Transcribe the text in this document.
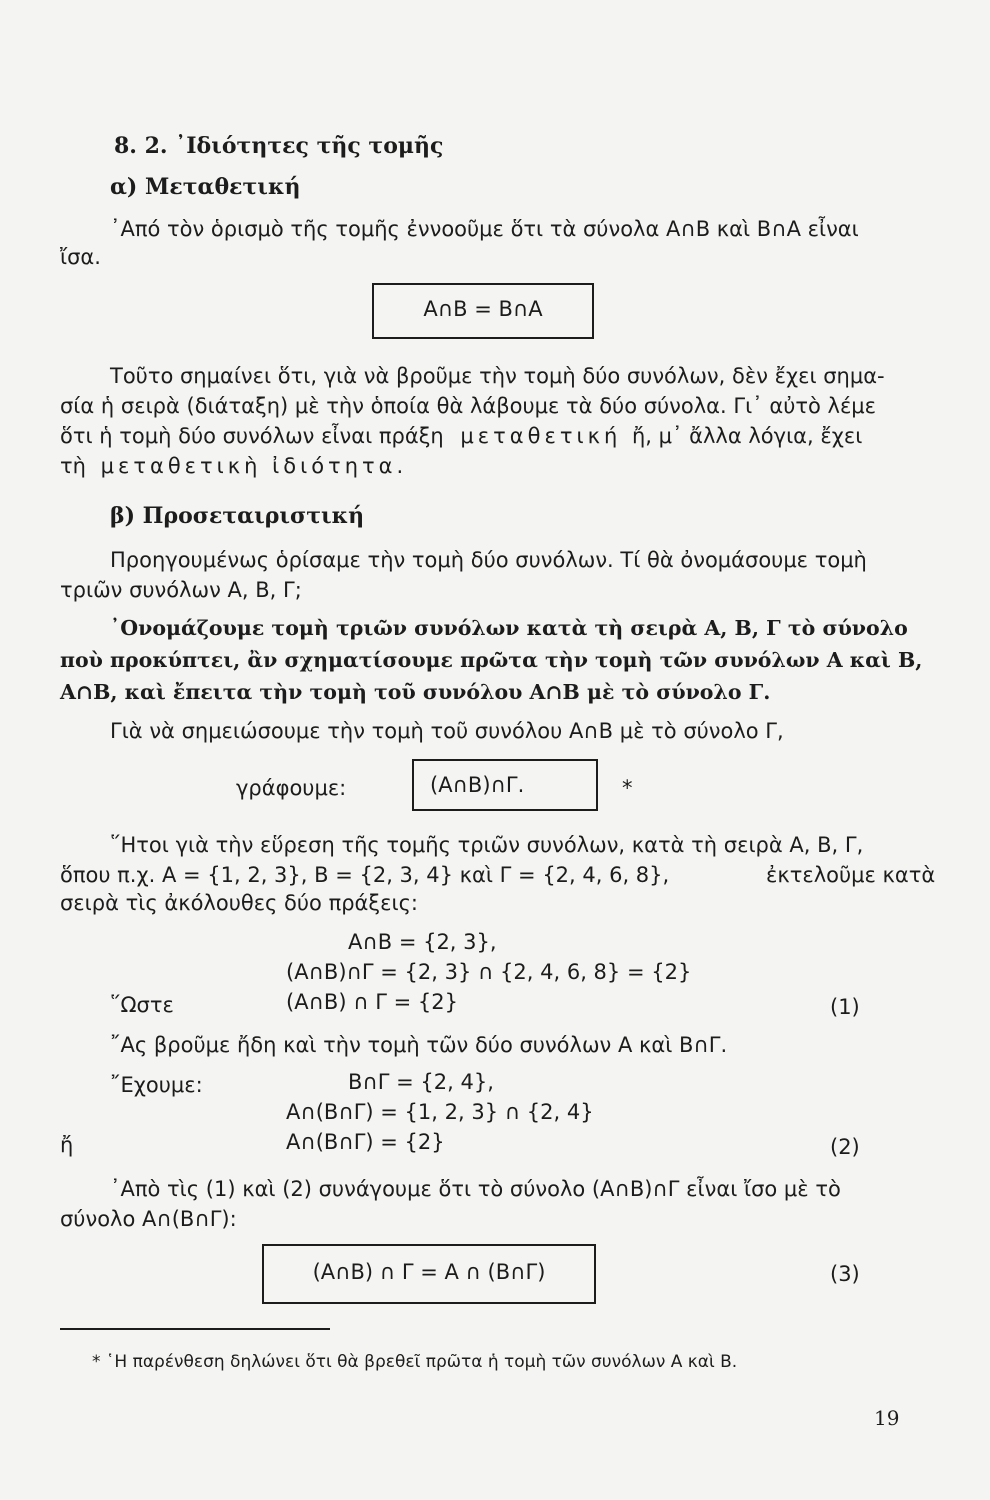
8. 2. ᾿Ιδιότητες τῆς τομῆς
α) Μεταθετική
᾿Από τὸν ὁρισμὸ τῆς τομῆς ἐννοοῦμε ὅτι τὰ σύνολα A∩B καὶ B∩A εἶναι
ἴσα.
A∩B = B∩A
Τοῦτο σημαίνει ὅτι, γιὰ νὰ βροῦμε τὴν τομὴ δύο συνόλων, δὲν ἔχει σημα-
σία ἡ σειρὰ (διάταξη) μὲ τὴν ὁποία θὰ λάβουμε τὰ δύο σύνολα. Γι᾿ αὐτὸ λέμε
ὅτι ἡ τομὴ δύο συνόλων εἶναι πράξη μεταθετική ἤ, μ᾿ ἄλλα λόγια, ἔχει
τὴ μεταθετικὴ ἰδιότητα.
β) Προσεταιριστική
Προηγουμένως ὁρίσαμε τὴν τομὴ δύο συνόλων. Τί θὰ ὀνομάσουμε τομὴ
τριῶν συνόλων A, B, Γ;
᾿Ονομάζουμε τομὴ τριῶν συνόλων κατὰ τὴ σειρὰ A, B, Γ τὸ σύνολο
ποὺ προκύπτει, ἂν σχηματίσουμε πρῶτα τὴν τομὴ τῶν συνόλων A καὶ B,
A∩B, καὶ ἔπειτα τὴν τομὴ τοῦ συνόλου A∩B μὲ τὸ σύνολο Γ.
Γιὰ νὰ σημειώσουμε τὴν τομὴ τοῦ συνόλου A∩B μὲ τὸ σύνολο Γ,
γράφουμε:	(A∩B)∩Γ.	*
῞Ητοι γιὰ τὴν εὕρεση τῆς τομῆς τριῶν συνόλων, κατὰ τὴ σειρὰ A, B, Γ,
ὅπου π.χ. A = {1, 2, 3}, B = {2, 3, 4} καὶ Γ = {2, 4, 6, 8},	ἐκτελοῦμε κατὰ
σειρὰ τὶς ἀκόλουθες δύο πράξεις:
A∩B = {2, 3},
(A∩B)∩Γ = {2, 3} ∩ {2, 4, 6, 8} = {2}
῞Ωστε	(A∩B) ∩ Γ = {2}	(1)
῎Ας βροῦμε ἤδη καὶ τὴν τομὴ τῶν δύο συνόλων A καὶ B∩Γ.
῎Εχουμε:	B∩Γ = {2, 4},
A∩(B∩Γ) = {1, 2, 3} ∩ {2, 4}
ἤ	A∩(B∩Γ) = {2}	(2)
᾿Απὸ τὶς (1) καὶ (2) συνάγουμε ὅτι τὸ σύνολο (A∩B)∩Γ εἶναι ἴσο μὲ τὸ
σύνολο A∩(B∩Γ):
(A∩B) ∩ Γ = A ∩ (B∩Γ)	(3)
* ῾Η παρένθεση δηλώνει ὅτι θὰ βρεθεῖ πρῶτα ἡ τομὴ τῶν συνόλων A καὶ B.
19
